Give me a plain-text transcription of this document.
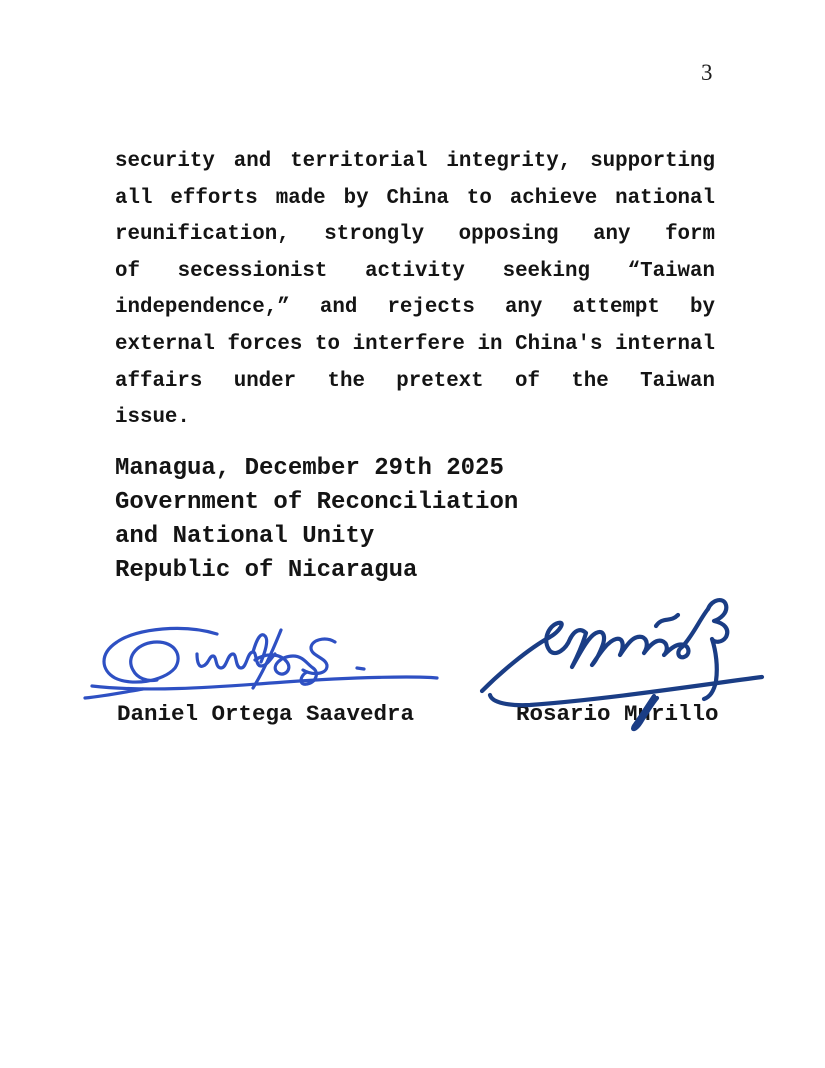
3
security and territorial integrity, supporting
all efforts made by China to achieve national
reunification, strongly opposing any form
of secessionist activity seeking “Taiwan
independence,” and rejects any attempt by
external forces to interfere in China's internal
affairs under the pretext of the Taiwan
issue.
Managua, December 29th 2025
Government of Reconciliation
and National Unity
Republic of Nicaragua
Daniel Ortega Saavedra	Rosario Murillo
